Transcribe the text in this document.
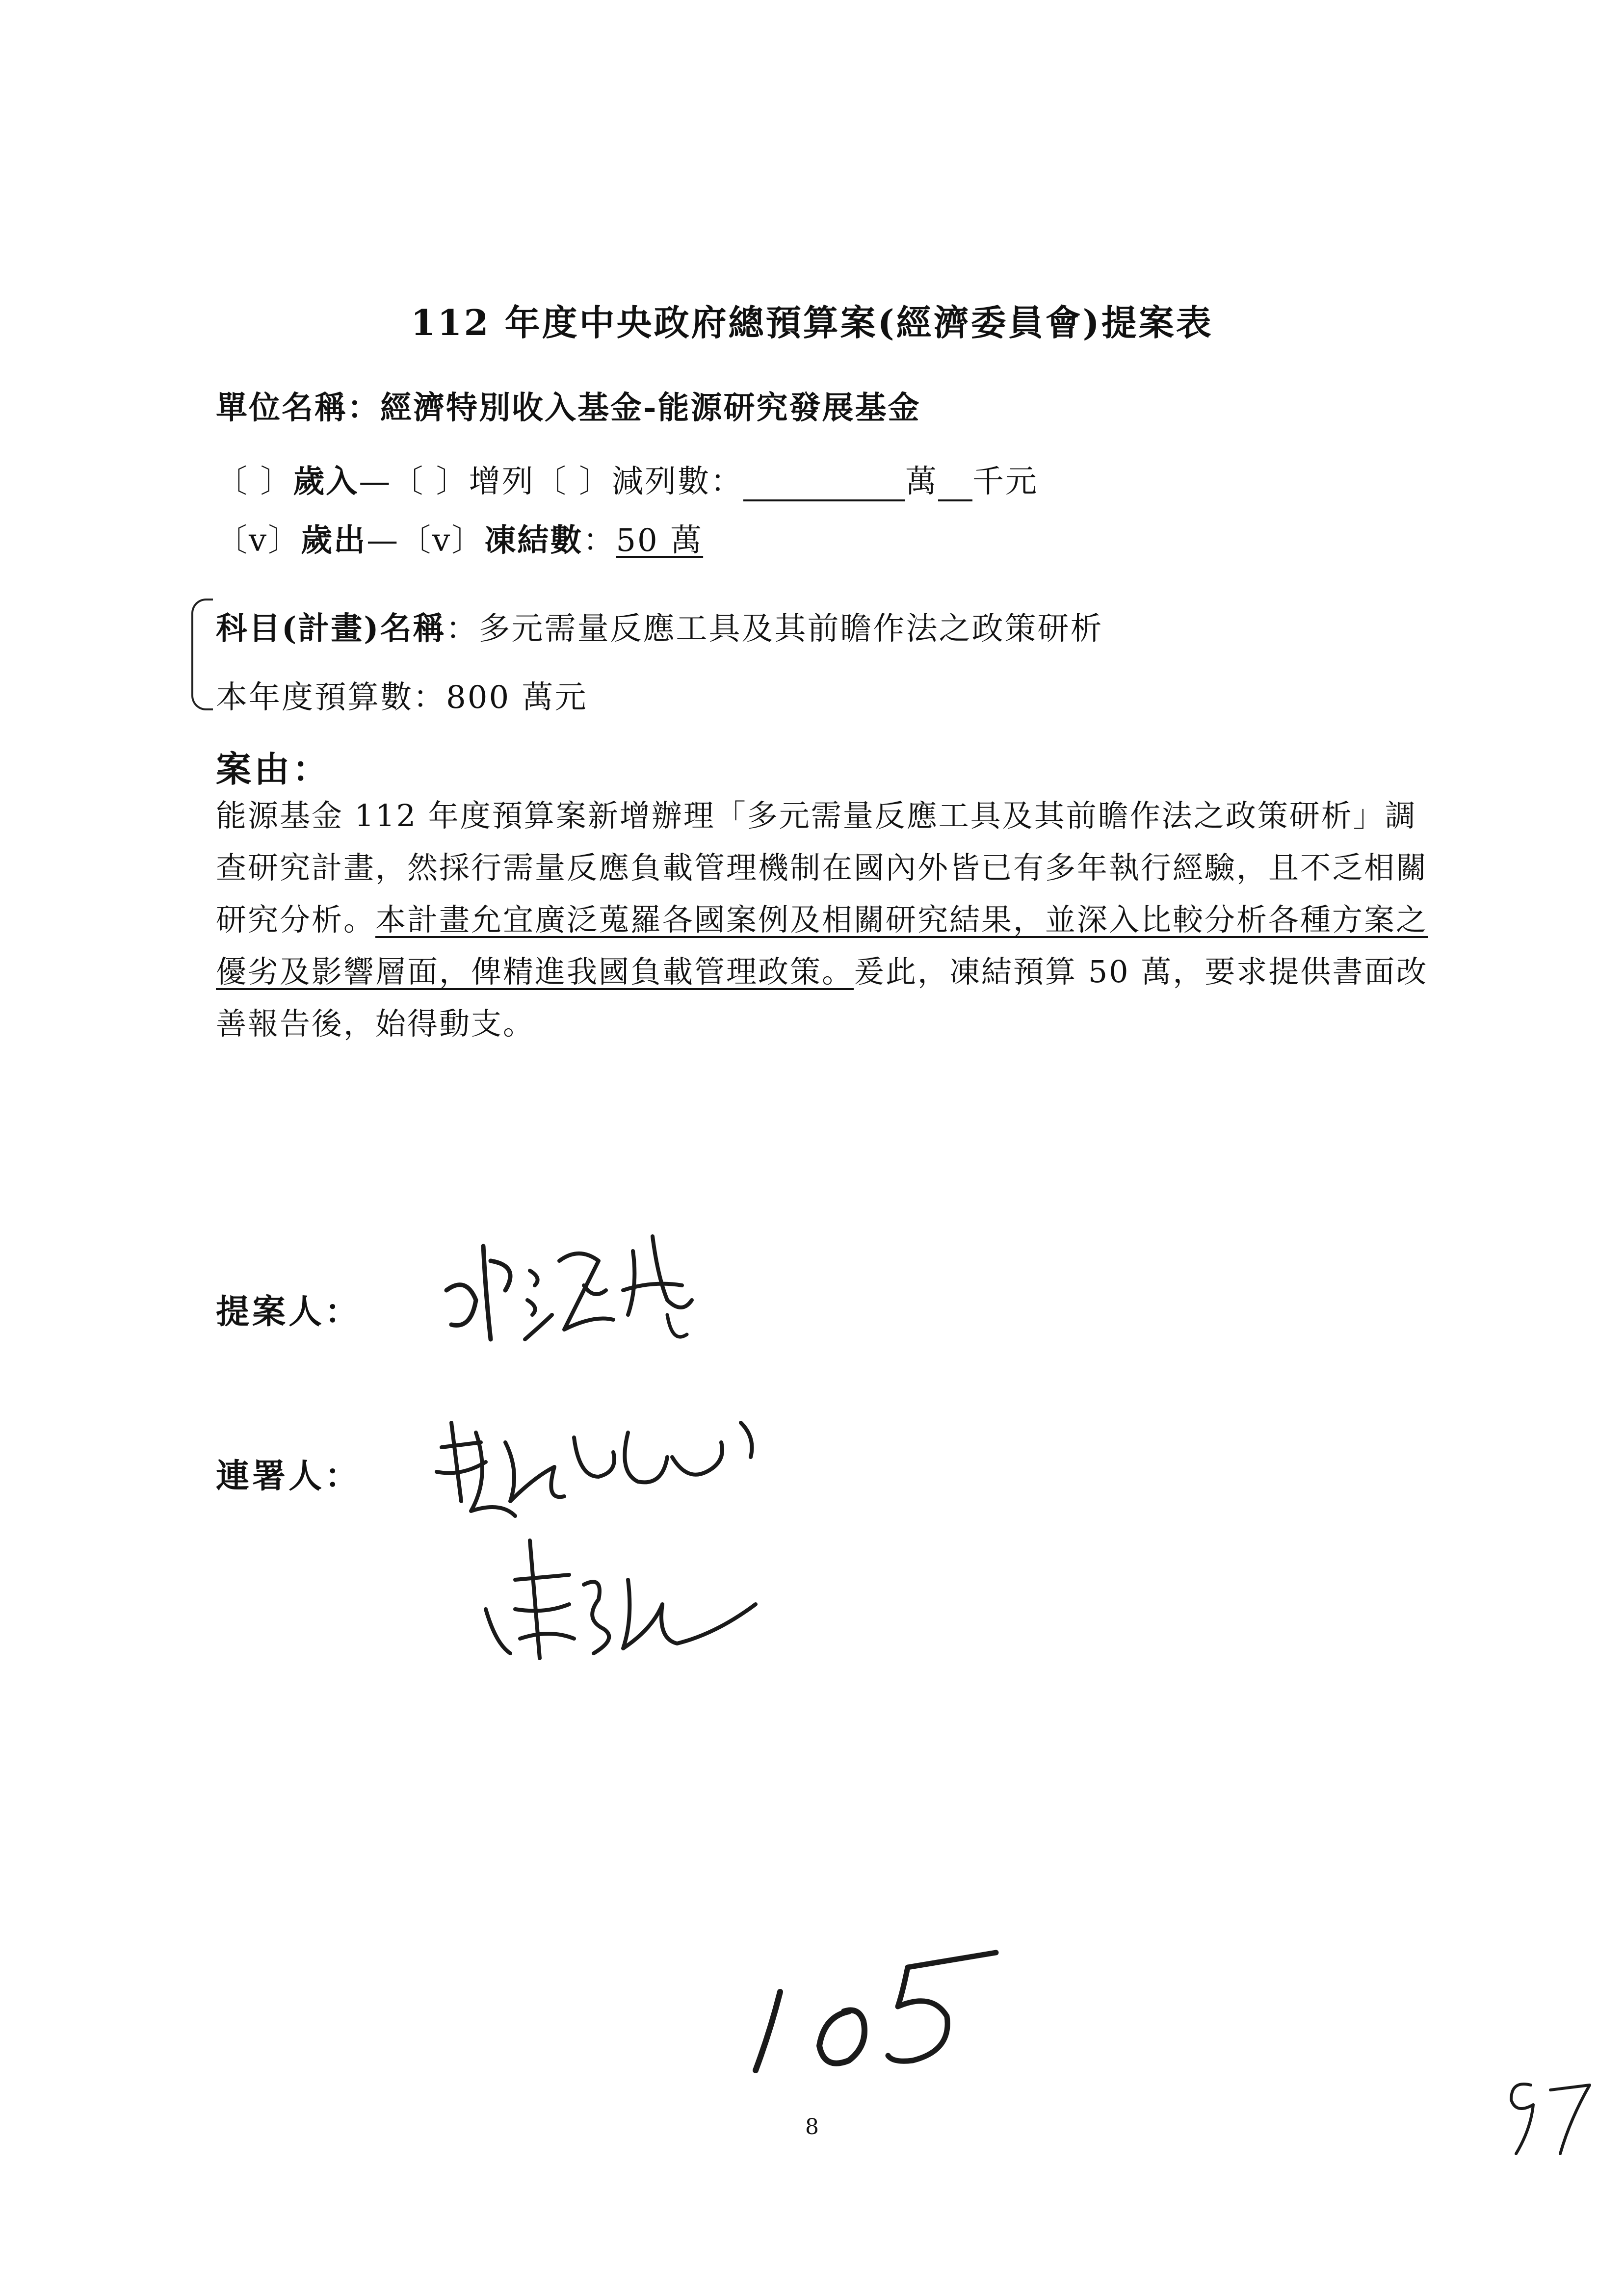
112 年度中央政府總預算案(經濟委員會)提案表
單位名稱：經濟特別收入基金-能源研究發展基金
〔 〕歲入—〔 〕增列〔 〕減列數：	萬 千元
〔v〕歲出—〔v〕凍結數：50 萬
科目(計畫)名稱：多元需量反應工具及其前瞻作法之政策研析
本年度預算數：800 萬元
案由：
能源基金 112 年度預算案新增辦理「多元需量反應工具及其前瞻作法之政策研析」調查研究計畫，然採行需量反應負載管理機制在國內外皆已有多年執行經驗，且不乏相關研究分析。本計畫允宜廣泛蒐羅各國案例及相關研究結果，並深入比較分析各種方案之優劣及影響層面，俾精進我國負載管理政策。爰此，凍結預算 50 萬，要求提供書面改善報告後，始得動支。
提案人：
連署人：
8
